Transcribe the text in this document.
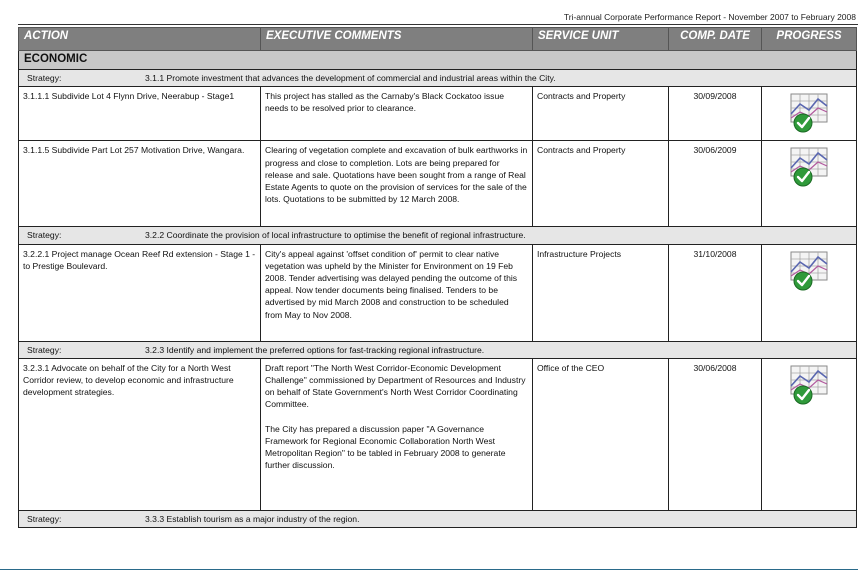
Tri-annual Corporate Performance Report - November 2007 to February 2008
ACTION	EXECUTIVE COMMENTS	SERVICE UNIT	COMP. DATE	PROGRESS
ECONOMIC				
Strategy: 3.1.1 Promote investment that advances the development of commercial and industrial areas within the City.				
3.1.1.1 Subdivide Lot 4 Flynn Drive, Neerabup - Stage1	This project has stalled as the Carnaby's Black Cockatoo issue needs to be resolved prior to clearance.	Contracts and Property	30/09/2008	
3.1.1.5 Subdivide Part Lot 257 Motivation Drive, Wangara.	Clearing of vegetation complete and excavation of bulk earthworks in progress and close to completion. Lots are being prepared for release and sale. Quotations have been sought from a range of Real Estate Agents to quote on the provision of services for the sale of the lots. Quotations to be submitted by 12 March 2008.	Contracts and Property	30/06/2009	
Strategy: 3.2.2 Coordinate the provision of local infrastructure to optimise the benefit of regional infrastructure.				
3.2.2.1 Project manage Ocean Reef Rd extension - Stage 1 - to Prestige Boulevard.	City's appeal against 'offset condition of' permit to clear native vegetation was upheld by the Minister for Environment on 19 Feb 2008. Tender advertising was delayed pending the outcome of this appeal. Now tender documents being finalised. Tenders to be advertised by mid March 2008 and construction to be scheduled from May to Nov 2008.	Infrastructure Projects	31/10/2008	
Strategy: 3.2.3 Identify and implement the preferred options for fast-tracking regional infrastructure.				
3.2.3.1 Advocate on behalf of the City for a North West Corridor review, to develop economic and infrastructure development strategies.	Draft report "The North West Corridor-Economic Development Challenge" commissioned by Department of Resources and Industry on behalf of State Government's North West Corridor Coordinating Committee.
The City has prepared a discussion paper "A Governance Framework for Regional Economic Collaboration North West Metropolitan Region" to be tabled in February 2008 to generate further discussion.	Office of the CEO	30/06/2008	
Strategy: 3.3.3 Establish tourism as a major industry of the region.				
